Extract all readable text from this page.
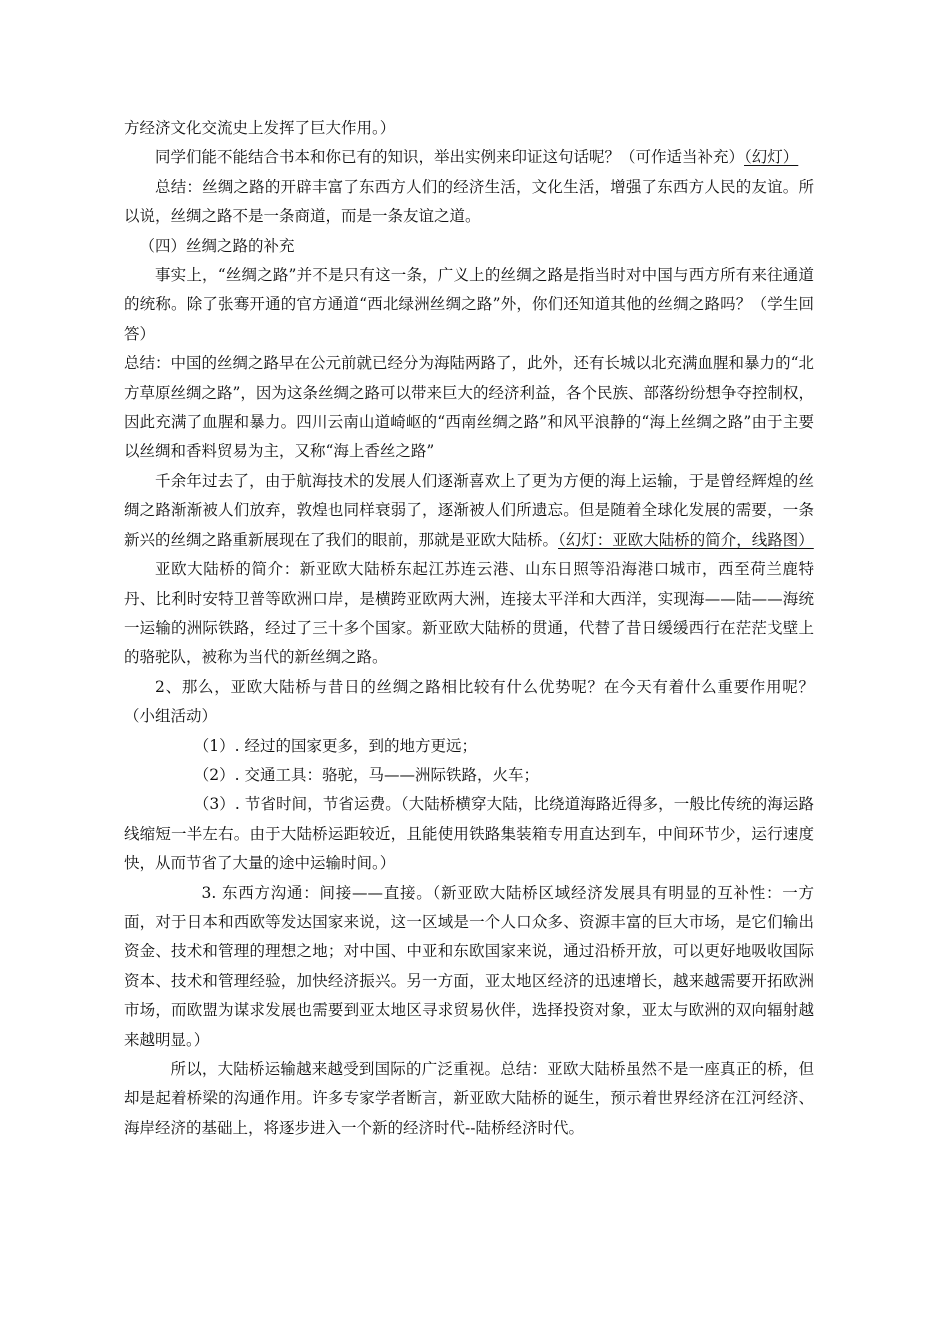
方经济文化交流史上发挥了巨大作用。）

同学们能不能结合书本和你已有的知识，举出实例来印证这句话呢？（可作适当补充）（幻灯）

总结：丝绸之路的开辟丰富了东西方人们的经济生活，文化生活，增强了东西方人民的友谊。所以说，丝绸之路不是一条商道，而是一条友谊之道。

（四）丝绸之路的补充

事实上，“丝绸之路”并不是只有这一条，广义上的丝绸之路是指当时对中国与西方所有来往通道的统称。除了张骞开通的官方通道“西北绿洲丝绸之路”外，你们还知道其他的丝绸之路吗？（学生回答）

总结：中国的丝绸之路早在公元前就已经分为海陆两路了，此外，还有长城以北充满血腥和暴力的“北方草原丝绸之路”，因为这条丝绸之路可以带来巨大的经济利益，各个民族、部落纷纷想争夺控制权，因此充满了血腥和暴力。四川云南山道崎岖的“西南丝绸之路”和风平浪静的“海上丝绸之路”由于主要以丝绸和香料贸易为主，又称“海上香丝之路”

千余年过去了，由于航海技术的发展人们逐渐喜欢上了更为方便的海上运输，于是曾经辉煌的丝绸之路渐渐被人们放弃，敦煌也同样衰弱了，逐渐被人们所遗忘。但是随着全球化发展的需要，一条新兴的丝绸之路重新展现在了我们的眼前，那就是亚欧大陆桥。（幻灯：亚欧大陆桥的简介，线路图）

亚欧大陆桥的简介：新亚欧大陆桥东起江苏连云港、山东日照等沿海港口城市，西至荷兰鹿特丹、比利时安特卫普等欧洲口岸，是横跨亚欧两大洲，连接太平洋和大西洋，实现海——陆——海统一运输的洲际铁路，经过了三十多个国家。新亚欧大陆桥的贯通，代替了昔日缓缓西行在茫茫戈壁上的骆驼队，被称为当代的新丝绸之路。

2、那么，亚欧大陆桥与昔日的丝绸之路相比较有什么优势呢？在今天有着什么重要作用呢？（小组活动）

（1）. 经过的国家更多，到的地方更远；

（2）. 交通工具：骆驼，马——洲际铁路，火车；

（3）. 节省时间，节省运费。（大陆桥横穿大陆，比绕道海路近得多，一般比传统的海运路线缩短一半左右。由于大陆桥运距较近，且能使用铁路集装箱专用直达到车，中间环节少，运行速度快，从而节省了大量的途中运输时间。）

3. 东西方沟通：间接——直接。（新亚欧大陆桥区域经济发展具有明显的互补性：一方面，对于日本和西欧等发达国家来说，这一区域是一个人口众多、资源丰富的巨大市场，是它们输出资金、技术和管理的理想之地；对中国、中亚和东欧国家来说，通过沿桥开放，可以更好地吸收国际资本、技术和管理经验，加快经济振兴。另一方面，亚太地区经济的迅速增长，越来越需要开拓欧洲市场，而欧盟为谋求发展也需要到亚太地区寻求贸易伙伴，选择投资对象，亚太与欧洲的双向辐射越来越明显。）

所以，大陆桥运输越来越受到国际的广泛重视。总结：亚欧大陆桥虽然不是一座真正的桥，但却是起着桥梁的沟通作用。许多专家学者断言，新亚欧大陆桥的诞生，预示着世界经济在江河经济、海岸经济的基础上，将逐步进入一个新的经济时代--陆桥经济时代。
